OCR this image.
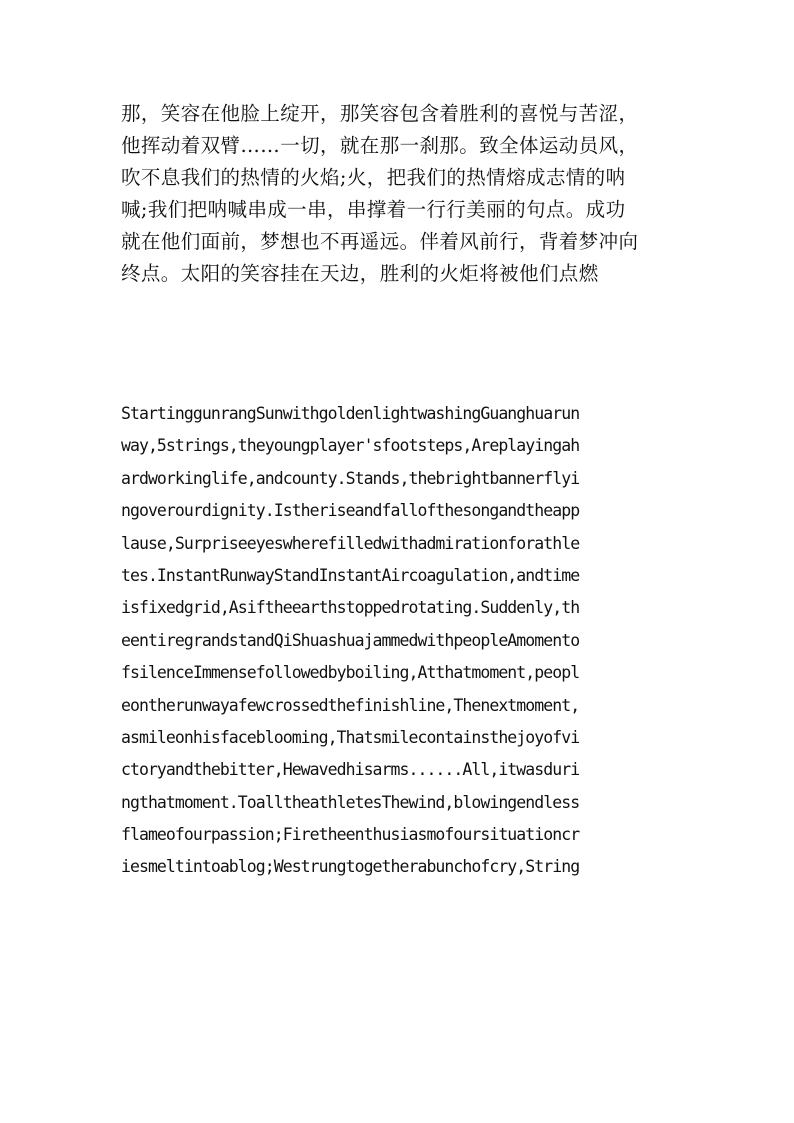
那，笑容在他脸上绽开，那笑容包含着胜利的喜悦与苦涩，
他挥动着双臂……一切，就在那一刹那。致全体运动员风，
吹不息我们的热情的火焰;火，把我们的热情熔成志情的呐
喊;我们把呐喊串成一串，串撑着一行行美丽的句点。成功
就在他们面前，梦想也不再遥远。伴着风前行，背着梦冲向
终点。太阳的笑容挂在天边，胜利的火炬将被他们点燃
StartinggunrangSunwithgoldenlightwashingGuanghuarun
way,5strings,theyoungplayer'sfootsteps,Areplayingah
ardworkinglife,andcounty.Stands,thebrightbannerflyi
ngoverourdignity.Istheriseandfallofthesongandtheapp
lause,Surpriseeyeswherefilledwithadmirationforathle
tes.InstantRunwayStandInstantAircoagulation,andtime
isfixedgrid,Asiftheearthstoppedrotating.Suddenly,th
eentiregrandstandQiShuashuajammedwithpeopleAmomento
fsilenceImmensefollowedbyboiling,Atthatmoment,peopl
eontherunwayafewcrossedthefinishline,Thenextmoment,
asmileonhisfaceblooming,Thatsmilecontainsthejoyofvi
ctoryandthebitter,Hewavedhisarms......All,itwasduri
ngthatmoment.ToalltheathletesThewind,blowingendless
flameofourpassion;Firetheenthusiasmofoursituationcr
iesmeltintoablog;Westrungtogetherabunchofcry,String
